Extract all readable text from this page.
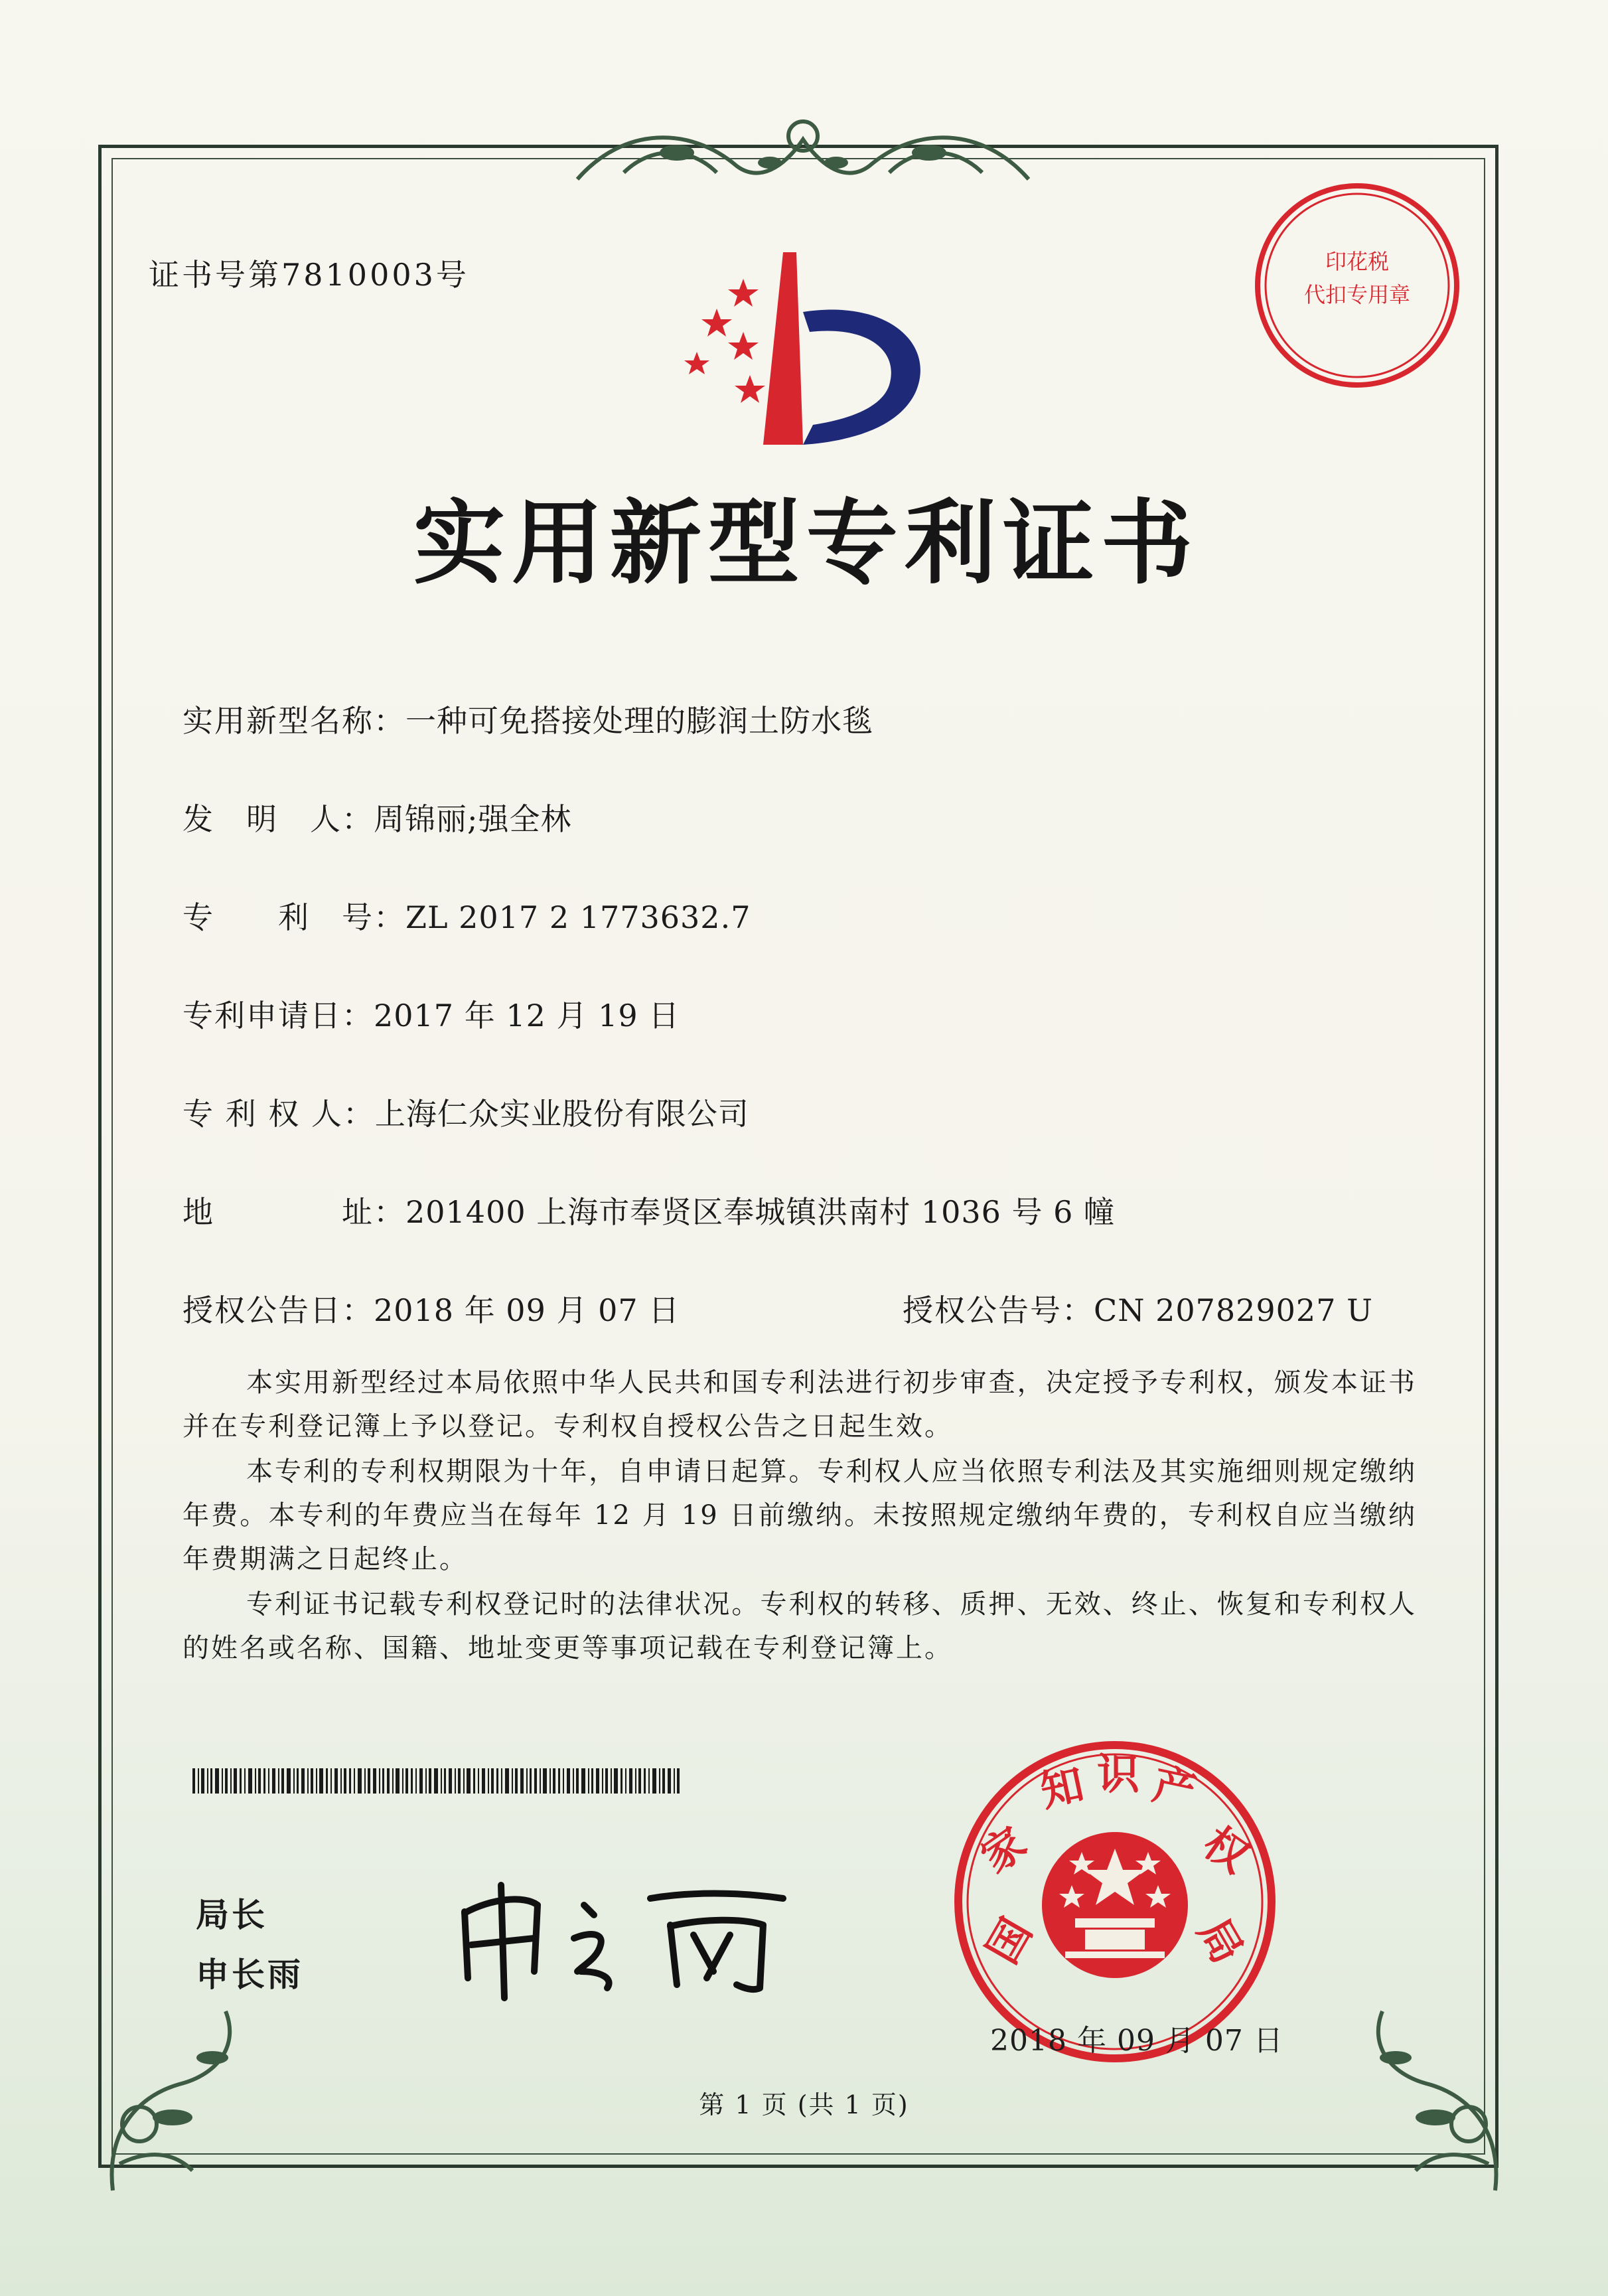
证书号第7810003号	印花税
代扣专用章
实用新型专利证书
实用新型名称：一种可免搭接处理的膨润土防水毯
发　明　人：周锦丽;强全林
专　　利　号：ZL 2017 2 1773632.7
专利申请日：2017 年 12 月 19 日
专 利 权 人：上海仁众实业股份有限公司
地　　　　址：201400 上海市奉贤区奉城镇洪南村 1036 号 6 幢
授权公告日：2018 年 09 月 07 日	授权公告号：CN 207829027 U
本实用新型经过本局依照中华人民共和国专利法进行初步审查，决定授予专利权，颁发本证书并在专利登记簿上予以登记。专利权自授权公告之日起生效。
本专利的专利权期限为十年，自申请日起算。专利权人应当依照专利法及其实施细则规定缴纳年费。本专利的年费应当在每年 12 月 19 日前缴纳。未按照规定缴纳年费的，专利权自应当缴纳年费期满之日起终止。
专利证书记载专利权登记时的法律状况。专利权的转移、质押、无效、终止、恢复和专利权人的姓名或名称、国籍、地址变更等事项记载在专利登记簿上。
局长
申长雨
国
家
知 识 产
权
局
2018 年 09 月 07 日
第 1 页 (共 1 页)
